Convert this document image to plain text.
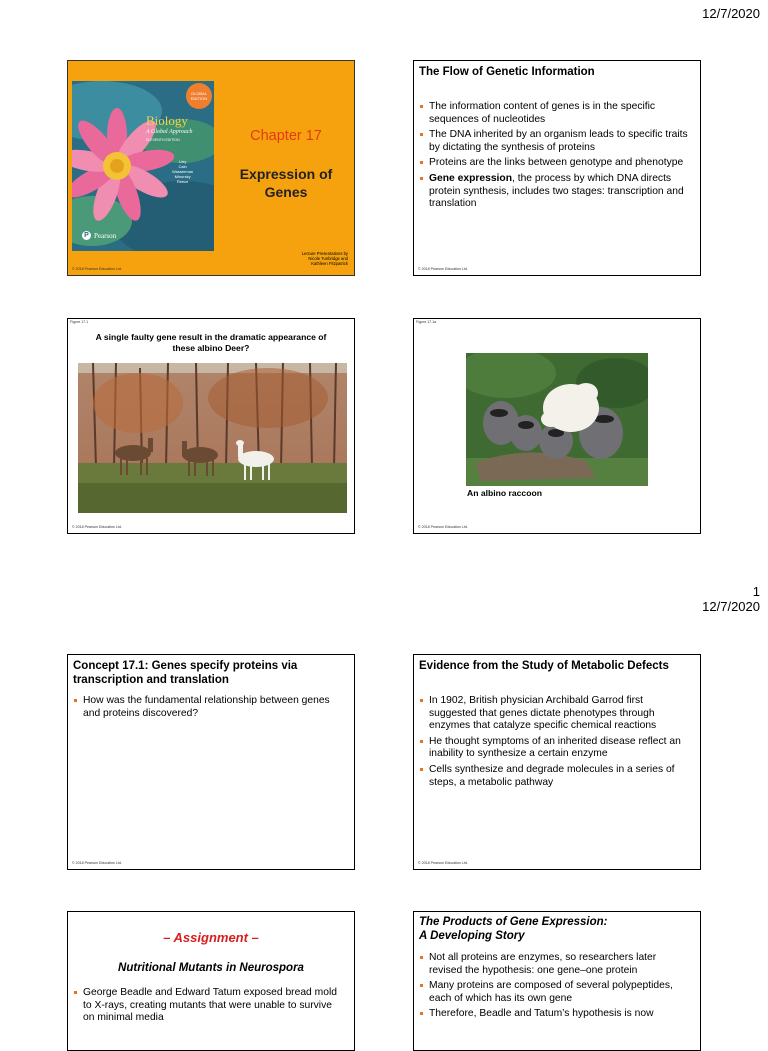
12/7/2020
GLOBAL EDITION
Biology
A Global Approach
ELEVENTH EDITION
Urry
Cain
Wasserman
Minorsky
Reece
P Pearson
Chapter 17
Expression of Genes
Lecture Presentations by
Nicole Tunbridge and
Kathleen Fitzpatrick
© 2018 Pearson Education Ltd.
The Flow of Genetic Information
The information content of genes is in the specific sequences of nucleotides
The DNA inherited by an organism leads to specific traits by dictating the synthesis of proteins
Proteins are the links between genotype and phenotype
Gene expression, the process by which DNA directs protein synthesis, includes two stages: transcription and translation
© 2018 Pearson Education Ltd.
Figure 17.1
A single faulty gene result in the dramatic appearance of these albino Deer?
© 2018 Pearson Education Ltd.
Figure 17.1a
An albino raccoon
© 2018 Pearson Education Ltd.
1
12/7/2020
Concept 17.1: Genes specify proteins via transcription and translation
How was the fundamental relationship between genes and proteins discovered?
© 2018 Pearson Education Ltd.
Evidence from the Study of Metabolic Defects
In 1902, British physician Archibald Garrod first suggested that genes dictate phenotypes through enzymes that catalyze specific chemical reactions
He thought symptoms of an inherited disease reflect an inability to synthesize a certain enzyme
Cells synthesize and degrade molecules in a series of steps, a metabolic pathway
© 2018 Pearson Education Ltd.
– Assignment –
Nutritional Mutants in Neurospora
George Beadle and Edward Tatum exposed bread mold to X-rays, creating mutants that were unable to survive on minimal media
The Products of Gene Expression:
A Developing Story
Not all proteins are enzymes, so researchers later revised the hypothesis: one gene–one protein
Many proteins are composed of several polypeptides, each of which has its own gene
Therefore, Beadle and Tatum’s hypothesis is now
